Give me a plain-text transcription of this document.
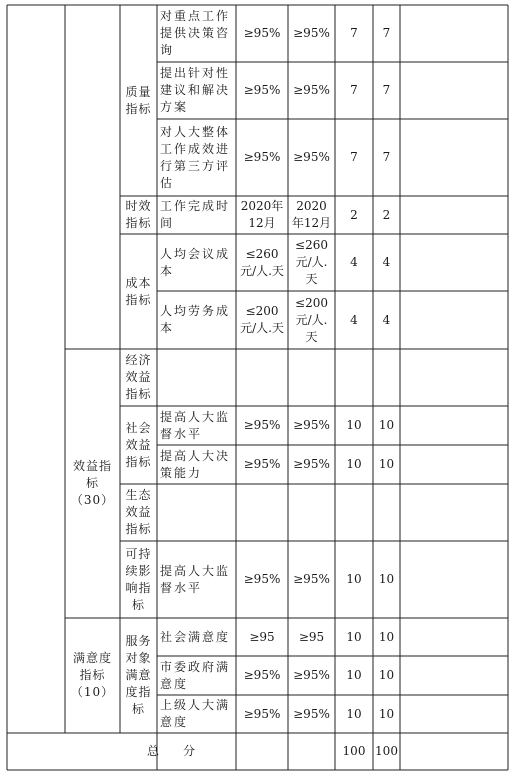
效益指标（30）
满意度指标（10）
总　　分
质量指标
时效指标
成本指标
经济效益指标
社会效益指标
生态效益指标
可持续影响指标
服务对象满意度指标
对重点工作提供决策咨询
≥95% ≥95% 7 7
提出针对性建议和解决方案
≥95% ≥95% 7 7
对人大整体工作成效进行第三方评估
≥95% ≥95% 7 7
工作完成时间
2020年12月
2020年12月
2 2
人均会议成本
≤260元/人.天
≤260元/人.天
4 4
人均劳务成本
≤200元/人.天
≤200元/人.天
4 4
提高人大监督水平
≥95% ≥95% 10 10
提高人大决策能力
≥95% ≥95% 10 10
提高人大监督水平
≥95% ≥95% 10 10
社会满意度 ≥95 ≥95 10 10
市委政府满意度
≥95% ≥95% 10 10
上级人大满意度
≥95% ≥95% 10 10
100 100
